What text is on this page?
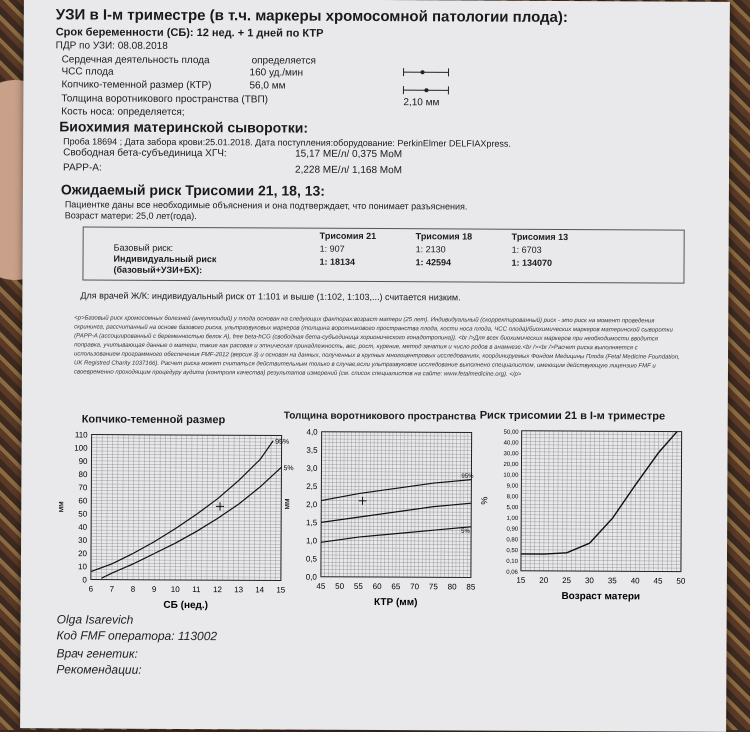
УЗИ в I-м триместре (в т.ч. маркеры хромосомной патологии плода):
Срок беременности (СБ): 12 нед. + 1 дней по КТР
ПДР по УЗИ: 08.08.2018
Сердечная деятельность плода	определяется
ЧСС плода	160 уд./мин
Копчико-теменной размер (КТР)	56,0 мм
Толщина воротникового пространства (ТВП)	2,10 мм
Кость носа: определяется;
Биохимия материнской сыворотки:
Проба 18694 ; Дата забора крови:25.01.2018. Дата поступления:оборудование: PerkinElmer DELFIAXpress.
Свободная бета-субъединица ХГЧ:	15,17 МЕ/л/ 0,375 MoM
PAPP-A:	2,228 МЕ/л/ 1,168 MoM
Ожидаемый риск Трисомии 21, 18, 13:
Пациентке даны все необходимые объяснения и она подтверждает, что понимает разъяснения.
Возраст матери: 25,0 лет(года).
Трисомия 21	Трисомия 18	Трисомия 13
Базовый риск:	1: 907	1: 2130	1: 6703
Индивидуальный риск
(базовый+УЗИ+БХ):
1: 18134	1: 42594	1: 134070
Для врачей Ж/К: индивидуальный риск от 1:101 и выше (1:102, 1:103,...) считается низким.
<p>Базовый риск хромосомных болезней (анеуплоидий) у плода основан на следующих факторах:возраст матери (25 лет). Индивидуальный (скорректированный) риск - это риск на момент проведения скрининга, рассчитанный на основе базового риска, ультразвуковых маркеров (толщина воротникового пространства плода, кости носа плода, ЧСС плода)/биохимических маркеров материнской сыворотки (PAPP-A (ассоциированный с беременностью белок А), free beta-hCG (свободная бета-субъединица хорионического гонадотропина)). <br />Для всех биохимических маркеров при необходимости вводится поправка, учитывающая данные о матери, такие как расовая и этническая принадлежность, вес, рост, курение, метод зачатия и число родов в анамнезе.<br /><br />Расчет риска выполняется с использованием программного обеспечения FMF-2012 (версия 3) и основан на данных, полученных в крупных многоцентровых исследованиях, координируемых Фондом Медицины Плода (Fetal Medicine Foundation, UK Registred Charity 1037166). Расчет риска может считаться действительным только в случае,если ультразвуковое исследование выполнено специалистом, имеющим действующую лицензию FMF и своевременно проходящим процедуру аудита (контроля качества) результатов измерений (см. список специалистов на сайте: www.fetalmedicine.org). </p>
Копчико-теменной размер
0
10
20
30
40
50
60
70
80
90
100
110
6 7 8 9 10 11 12 13 14 15
95%
5%
мм
СБ (нед.)
Толщина воротникового пространства
0,0
0,5
1,0
1,5
2,0
2,5
3,0
3,5
4,0
45 50 55 60 65 70 75 80 85
95%
5%
мм
КТР (мм)
Риск трисомии 21 в I-м триместре
0,06
0,10
0,50
0,80
0,90
1,00
5,00
8,00
9,00
10,00
20,00
30,00
40,00
50,00
15 20 25 30 35 40 45 50
%
Возраст матери
Olga Isarevich
Код FMF оператора: 113002
Врач генетик:
Рекомендации:
